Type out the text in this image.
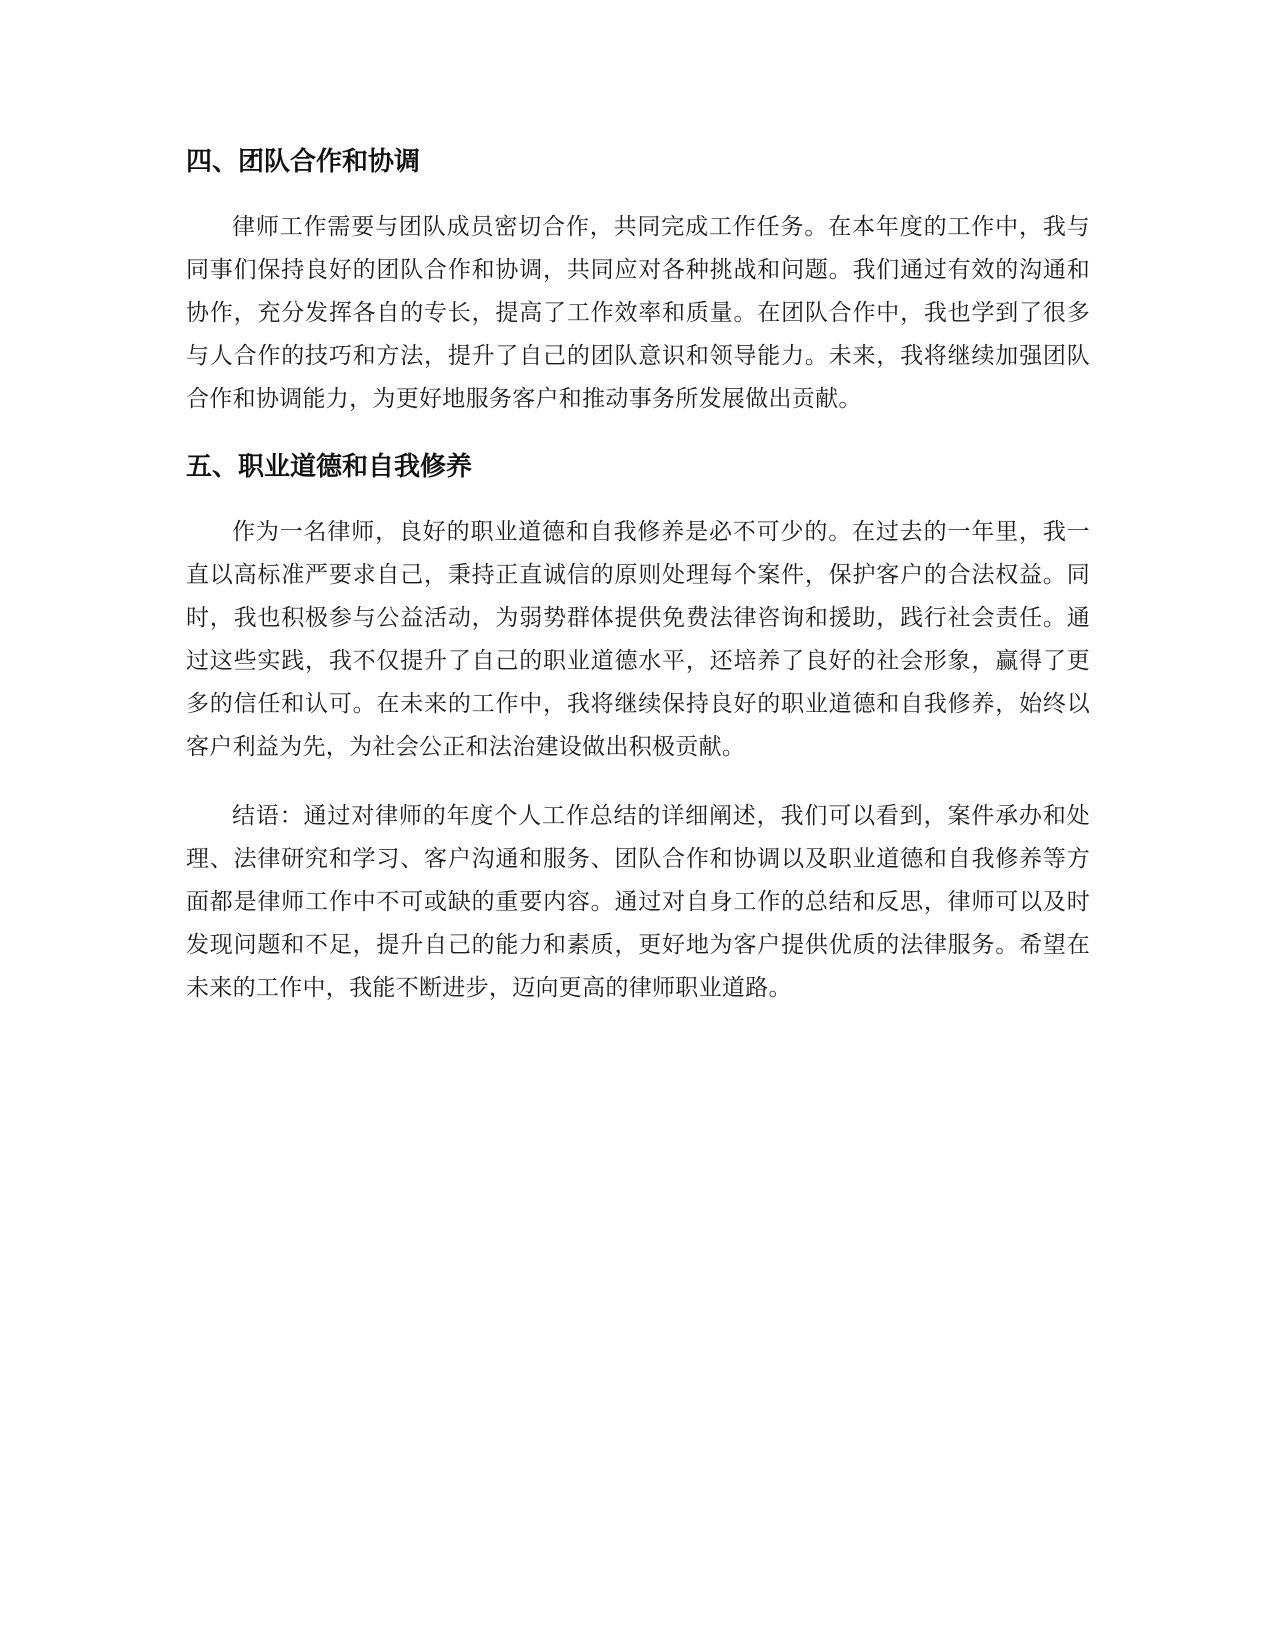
四、团队合作和协调

律师工作需要与团队成员密切合作，共同完成工作任务。在本年度的工作中，我与同事们保持良好的团队合作和协调，共同应对各种挑战和问题。我们通过有效的沟通和协作，充分发挥各自的专长，提高了工作效率和质量。在团队合作中，我也学到了很多与人合作的技巧和方法，提升了自己的团队意识和领导能力。未来，我将继续加强团队合作和协调能力，为更好地服务客户和推动事务所发展做出贡献。

五、职业道德和自我修养

作为一名律师，良好的职业道德和自我修养是必不可少的。在过去的一年里，我一直以高标准严要求自己，秉持正直诚信的原则处理每个案件，保护客户的合法权益。同时，我也积极参与公益活动，为弱势群体提供免费法律咨询和援助，践行社会责任。通过这些实践，我不仅提升了自己的职业道德水平，还培养了良好的社会形象，赢得了更多的信任和认可。在未来的工作中，我将继续保持良好的职业道德和自我修养，始终以客户利益为先，为社会公正和法治建设做出积极贡献。

结语：通过对律师的年度个人工作总结的详细阐述，我们可以看到，案件承办和处理、法律研究和学习、客户沟通和服务、团队合作和协调以及职业道德和自我修养等方面都是律师工作中不可或缺的重要内容。通过对自身工作的总结和反思，律师可以及时发现问题和不足，提升自己的能力和素质，更好地为客户提供优质的法律服务。希望在未来的工作中，我能不断进步，迈向更高的律师职业道路。
